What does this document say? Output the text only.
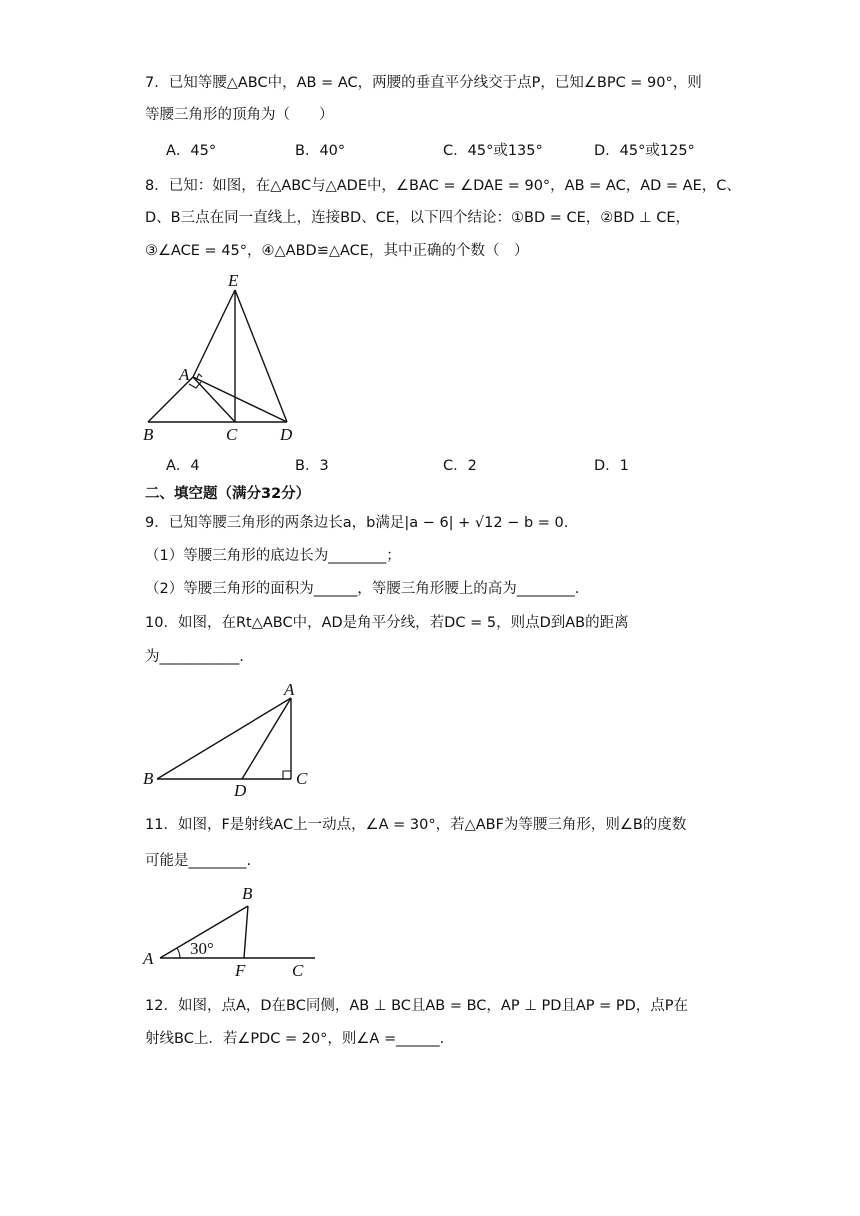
7．已知等腰△ABC中，AB = AC，两腰的垂直平分线交于点P，已知∠BPC = 90°，则
等腰三角形的顶角为（　　）
A．45°	B．40°	C．45°或135°	D．45°或125°
8．已知：如图，在△ABC与△ADE中，∠BAC = ∠DAE = 90°，AB = AC，AD = AE，C、
D、B三点在同一直线上，连接BD、CE，以下四个结论：①BD = CE，②BD ⊥ CE，
③∠ACE = 45°，④△ABD≌△ACE，其中正确的个数（　）
E
A
B	C	D
A．4	B．3	C．2	D．1
二、填空题（满分32分）
9．已知等腰三角形的两条边长a，b满足|a − 6| + √12 − b = 0.
（1）等腰三角形的底边长为________；
（2）等腰三角形的面积为______，等腰三角形腰上的高为________.
10．如图，在Rt△ABC中，AD是角平分线，若DC = 5，则点D到AB的距离
为___________.
A
B
D
C
11．如图，F是射线AC上一动点，∠A = 30°，若△ABF为等腰三角形，则∠B的度数
可能是________.
B
A
F	C
30°
12．如图，点A，D在BC同侧，AB ⊥ BC且AB = BC，AP ⊥ PD且AP = PD，点P在
射线BC上．若∠PDC = 20°，则∠A =______.
